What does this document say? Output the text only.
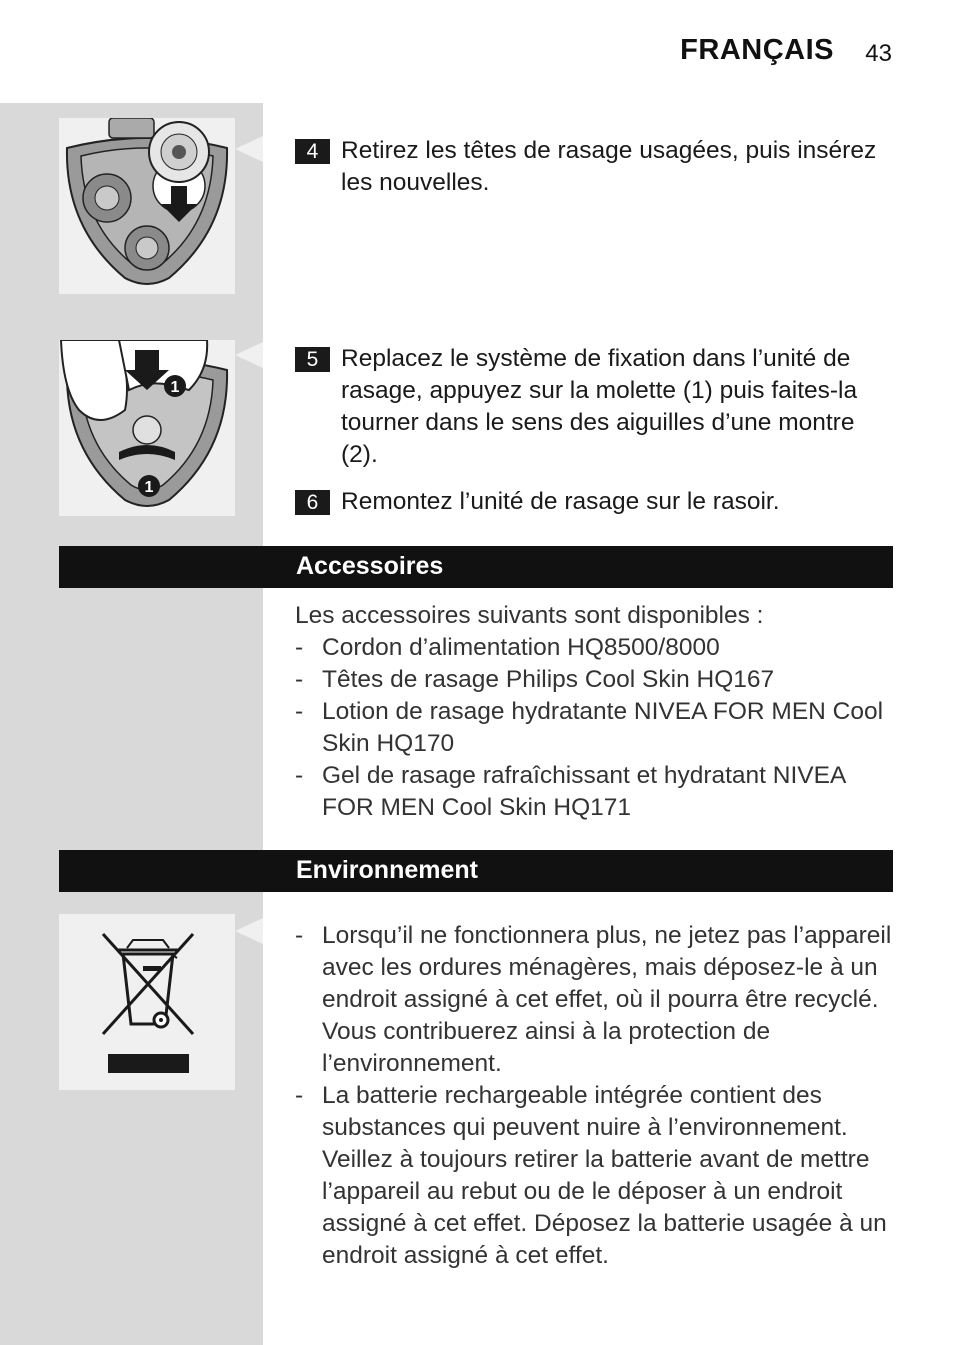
FRANÇAIS 43
4 Retirez les têtes de rasage usagées, puis insérez les nouvelles.
1
1
5 Replacez le système de fixation dans l’unité de rasage, appuyez sur la molette (1) puis faites-la tourner dans le sens des aiguilles d’une montre (2).
6 Remontez l’unité de rasage sur le rasoir.
Accessoires
Les accessoires suivants sont disponibles :
- Cordon d’alimentation HQ8500/8000
- Têtes de rasage Philips Cool Skin HQ167
- Lotion de rasage hydratante NIVEA FOR MEN Cool Skin HQ170
- Gel de rasage rafraîchissant et hydratant NIVEA FOR MEN Cool Skin HQ171
Environnement
- Lorsqu’il ne fonctionnera plus, ne jetez pas l’appareil avec les ordures ménagères, mais déposez-le à un endroit assigné à cet effet, où il pourra être recyclé. Vous contribuerez ainsi à la protection de l’environnement.
- La batterie rechargeable intégrée contient des substances qui peuvent nuire à l’environnement. Veillez à toujours retirer la batterie avant de mettre l’appareil au rebut ou de le déposer à un endroit assigné à cet effet. Déposez la batterie usagée à un endroit assigné à cet effet.
